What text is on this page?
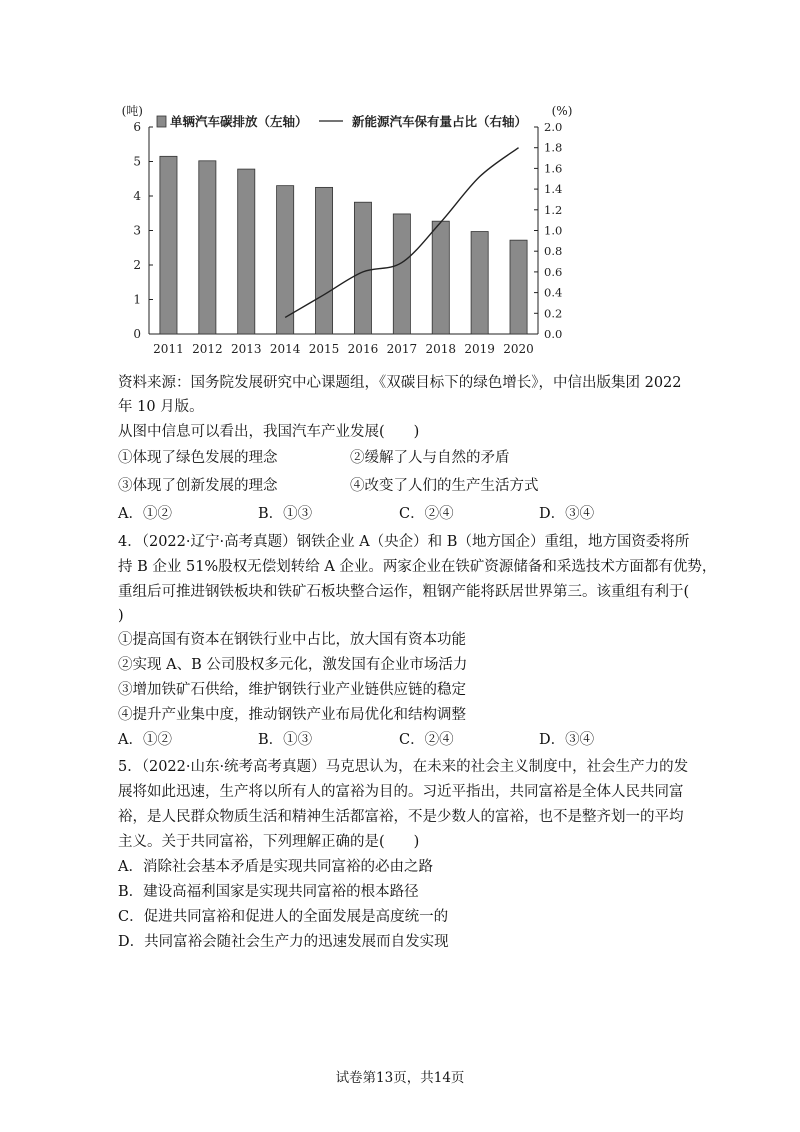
(吨)	(%)
0
1
2
3
4
5
6
0.0
0.2
0.4
0.6
0.8
1.0
1.2
1.4
1.6
1.8
2.0
2011 2012 2013 2014 2015 2016 2017 2018 2019 2020
单辆汽车碳排放（左轴）	新能源汽车保有量占比（右轴）
资料来源：国务院发展研究中心课题组，《双碳目标下的绿色增长》，中信出版集团 2022
年 10 月版。
从图中信息可以看出，我国汽车产业发展(　　)
①体现了绿色发展的理念	②缓解了人与自然的矛盾
③体现了创新发展的理念	④改变了人们的生产生活方式
A．①②	B．①③	C．②④	D．③④
4．（2022·辽宁·高考真题）钢铁企业 A（央企）和 B（地方国企）重组，地方国资委将所
持 B 企业 51%股权无偿划转给 A 企业。两家企业在铁矿资源储备和采选技术方面都有优势，
重组后可推进钢铁板块和铁矿石板块整合运作，粗钢产能将跃居世界第三。该重组有利于(
)
①提高国有资本在钢铁行业中占比，放大国有资本功能
②实现 A、B 公司股权多元化，激发国有企业市场活力
③增加铁矿石供给，维护钢铁行业产业链供应链的稳定
④提升产业集中度，推动钢铁产业布局优化和结构调整
A．①②	B．①③	C．②④	D．③④
5．（2022·山东·统考高考真题）马克思认为，在未来的社会主义制度中，社会生产力的发
展将如此迅速，生产将以所有人的富裕为目的。习近平指出，共同富裕是全体人民共同富
裕，是人民群众物质生活和精神生活都富裕，不是少数人的富裕，也不是整齐划一的平均
主义。关于共同富裕，下列理解正确的是(　　)
A．消除社会基本矛盾是实现共同富裕的必由之路
B．建设高福利国家是实现共同富裕的根本路径
C．促进共同富裕和促进人的全面发展是高度统一的
D．共同富裕会随社会生产力的迅速发展而自发实现
试卷第13页，共14页
